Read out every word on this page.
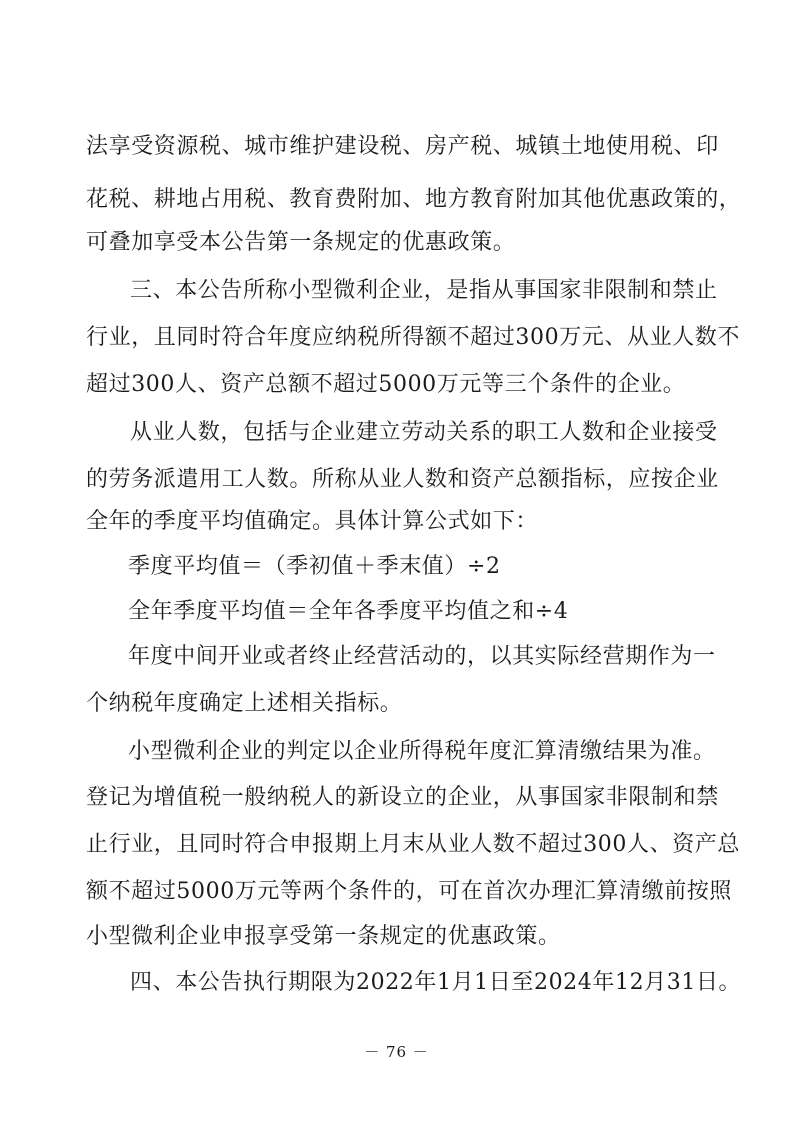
法享受资源税、城市维护建设税、房产税、城镇土地使用税、印
花税、耕地占用税、教育费附加、地方教育附加其他优惠政策的，
可叠加享受本公告第一条规定的优惠政策。
三、本公告所称小型微利企业，是指从事国家非限制和禁止
行业，且同时符合年度应纳税所得额不超过300万元、从业人数不
超过300人、资产总额不超过5000万元等三个条件的企业。
从业人数，包括与企业建立劳动关系的职工人数和企业接受
的劳务派遣用工人数。所称从业人数和资产总额指标，应按企业
全年的季度平均值确定。具体计算公式如下：
季度平均值＝（季初值＋季末值）÷2
全年季度平均值＝全年各季度平均值之和÷4
年度中间开业或者终止经营活动的，以其实际经营期作为一
个纳税年度确定上述相关指标。
小型微利企业的判定以企业所得税年度汇算清缴结果为准。
登记为增值税一般纳税人的新设立的企业，从事国家非限制和禁
止行业，且同时符合申报期上月末从业人数不超过300人、资产总
额不超过5000万元等两个条件的，可在首次办理汇算清缴前按照
小型微利企业申报享受第一条规定的优惠政策。
四、本公告执行期限为2022年1月1日至2024年12月31日。
－ 76 －
